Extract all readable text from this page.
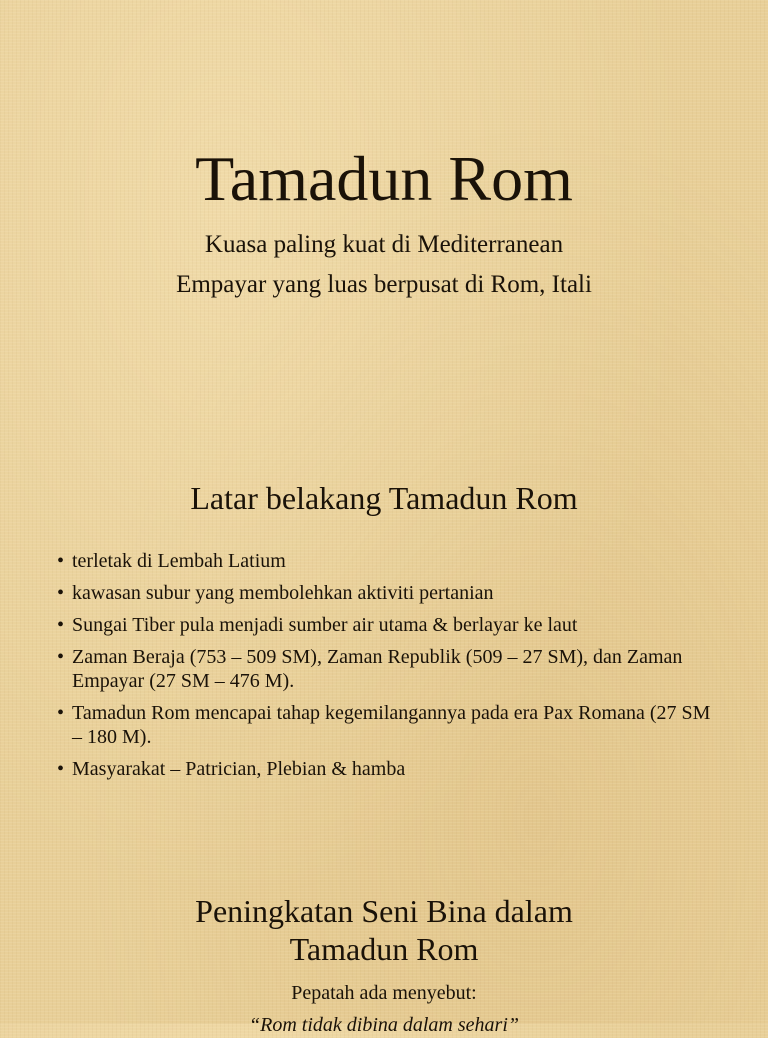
Tamadun Rom

Kuasa paling kuat di Mediterranean

Empayar yang luas berpusat di Rom, Itali

Latar belakang Tamadun Rom
• terletak di Lembah Latium
• kawasan subur yang membolehkan aktiviti pertanian
• Sungai Tiber pula menjadi sumber air utama & berlayar ke laut
• Zaman Beraja (753 – 509 SM), Zaman Republik (509 – 27 SM), dan Zaman Empayar (27 SM – 476 M).
• Tamadun Rom mencapai tahap kegemilangannya pada era Pax Romana (27 SM – 180 M).
• Masyarakat – Patrician, Plebian & hamba
Peningkatan Seni Bina dalam
Tamadun Rom

Pepatah ada menyebut:

“Rom tidak dibina dalam sehari”
